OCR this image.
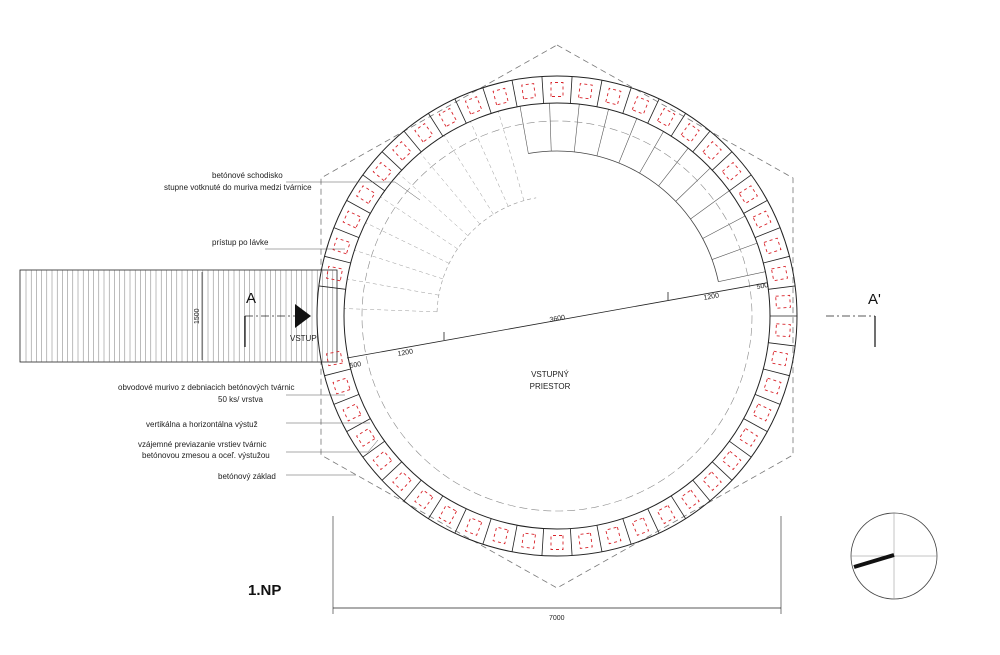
1200
3600
1200
500
500
VSTUPNÝ
PRIESTOR
1500
A
VSTUP
A'
7000
1.NP
betónové schodisko
stupne votknuté do muriva medzi tvárnice
prístup po lávke
obvodové murivo z debniacich betónových tvárnic
50 ks/ vrstva
vertikálna a horizontálna výstuž
vzájemné previazanie vrstiev tvárnic
betónovou zmesou a oceľ. výstužou
betónový základ
